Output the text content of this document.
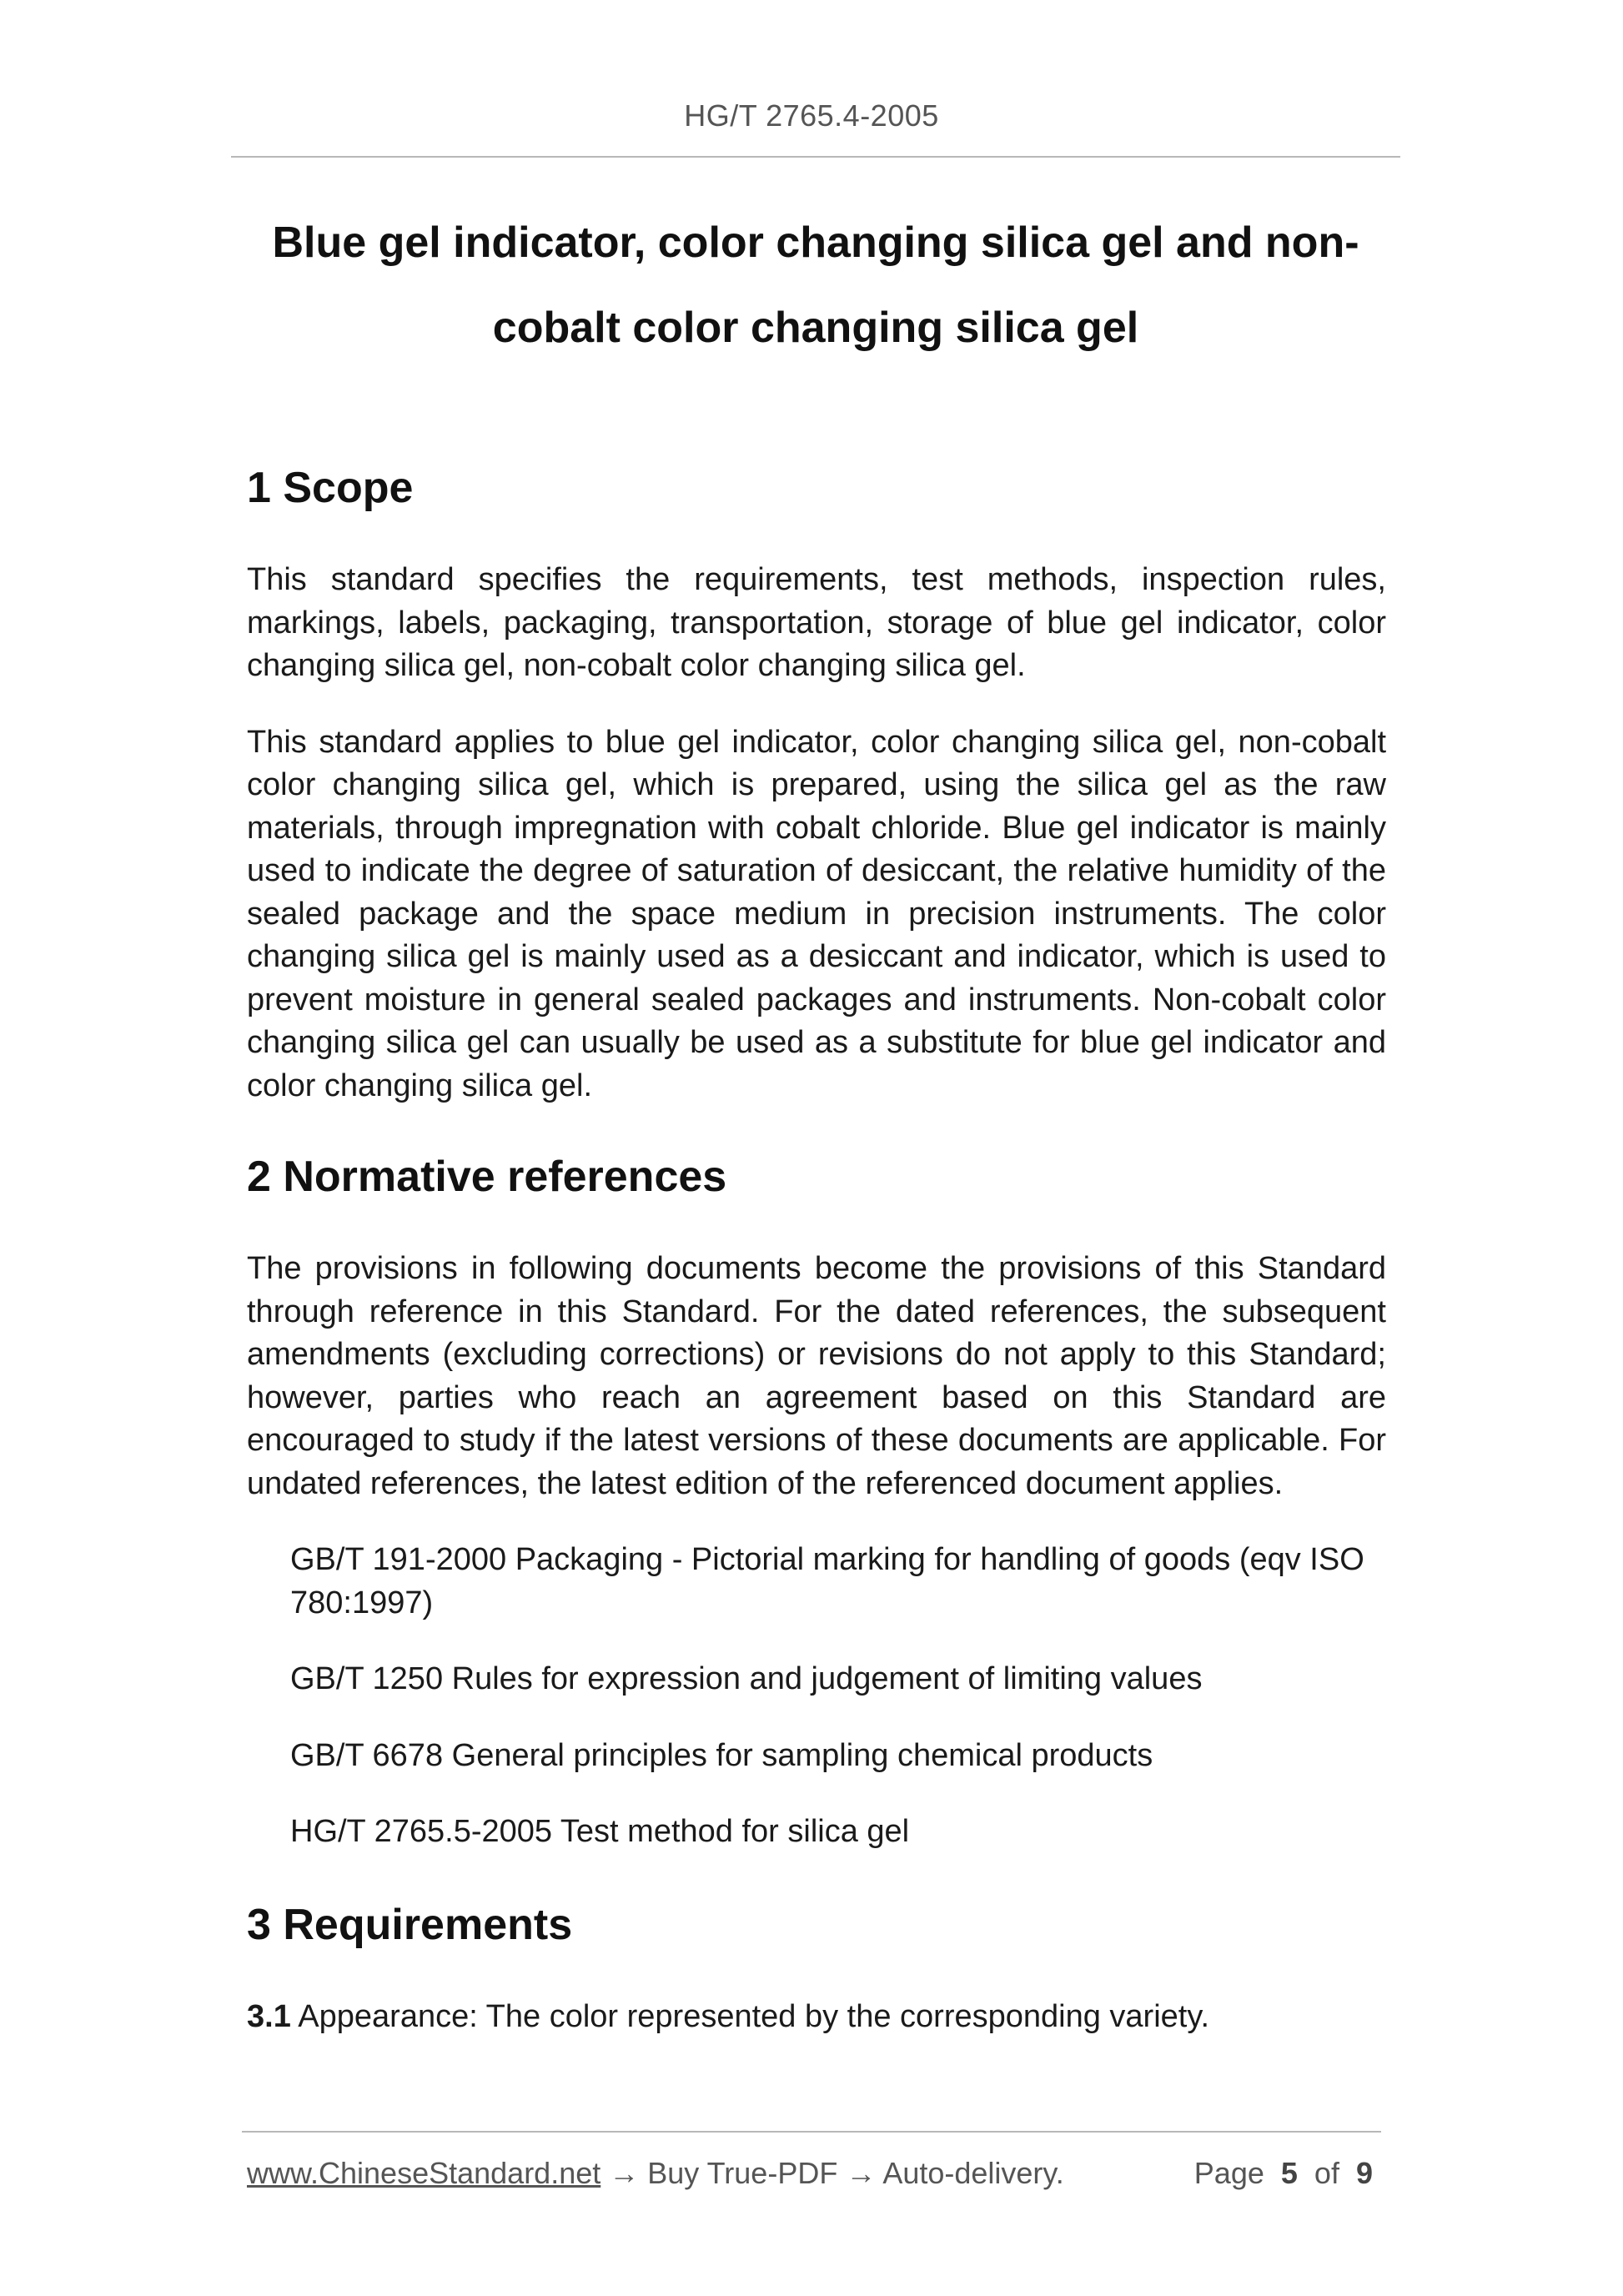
HG/T 2765.4-2005
Blue gel indicator, color changing silica gel and non-
cobalt color changing silica gel
1 Scope

This standard specifies the requirements, test methods, inspection rules, markings, labels, packaging, transportation, storage of blue gel indicator, color changing silica gel, non-cobalt color changing silica gel.

This standard applies to blue gel indicator, color changing silica gel, non-cobalt color changing silica gel, which is prepared, using the silica gel as the raw materials, through impregnation with cobalt chloride. Blue gel indicator is mainly used to indicate the degree of saturation of desiccant, the relative humidity of the sealed package and the space medium in precision instruments. The color changing silica gel is mainly used as a desiccant and indicator, which is used to prevent moisture in general sealed packages and instruments. Non-cobalt color changing silica gel can usually be used as a substitute for blue gel indicator and color changing silica gel.

2 Normative references

The provisions in following documents become the provisions of this Standard through reference in this Standard. For the dated references, the subsequent amendments (excluding corrections) or revisions do not apply to this Standard; however, parties who reach an agreement based on this Standard are encouraged to study if the latest versions of these documents are applicable. For undated references, the latest edition of the referenced document applies.

GB/T 191-2000 Packaging - Pictorial marking for handling of goods (eqv ISO 780:1997)

GB/T 1250 Rules for expression and judgement of limiting values

GB/T 6678 General principles for sampling chemical products

HG/T 2765.5-2005 Test method for silica gel

3 Requirements

3.1 Appearance: The color represented by the corresponding variety.

www.ChineseStandard.net → Buy True-PDF → Auto-delivery.	Page 5 of 9
